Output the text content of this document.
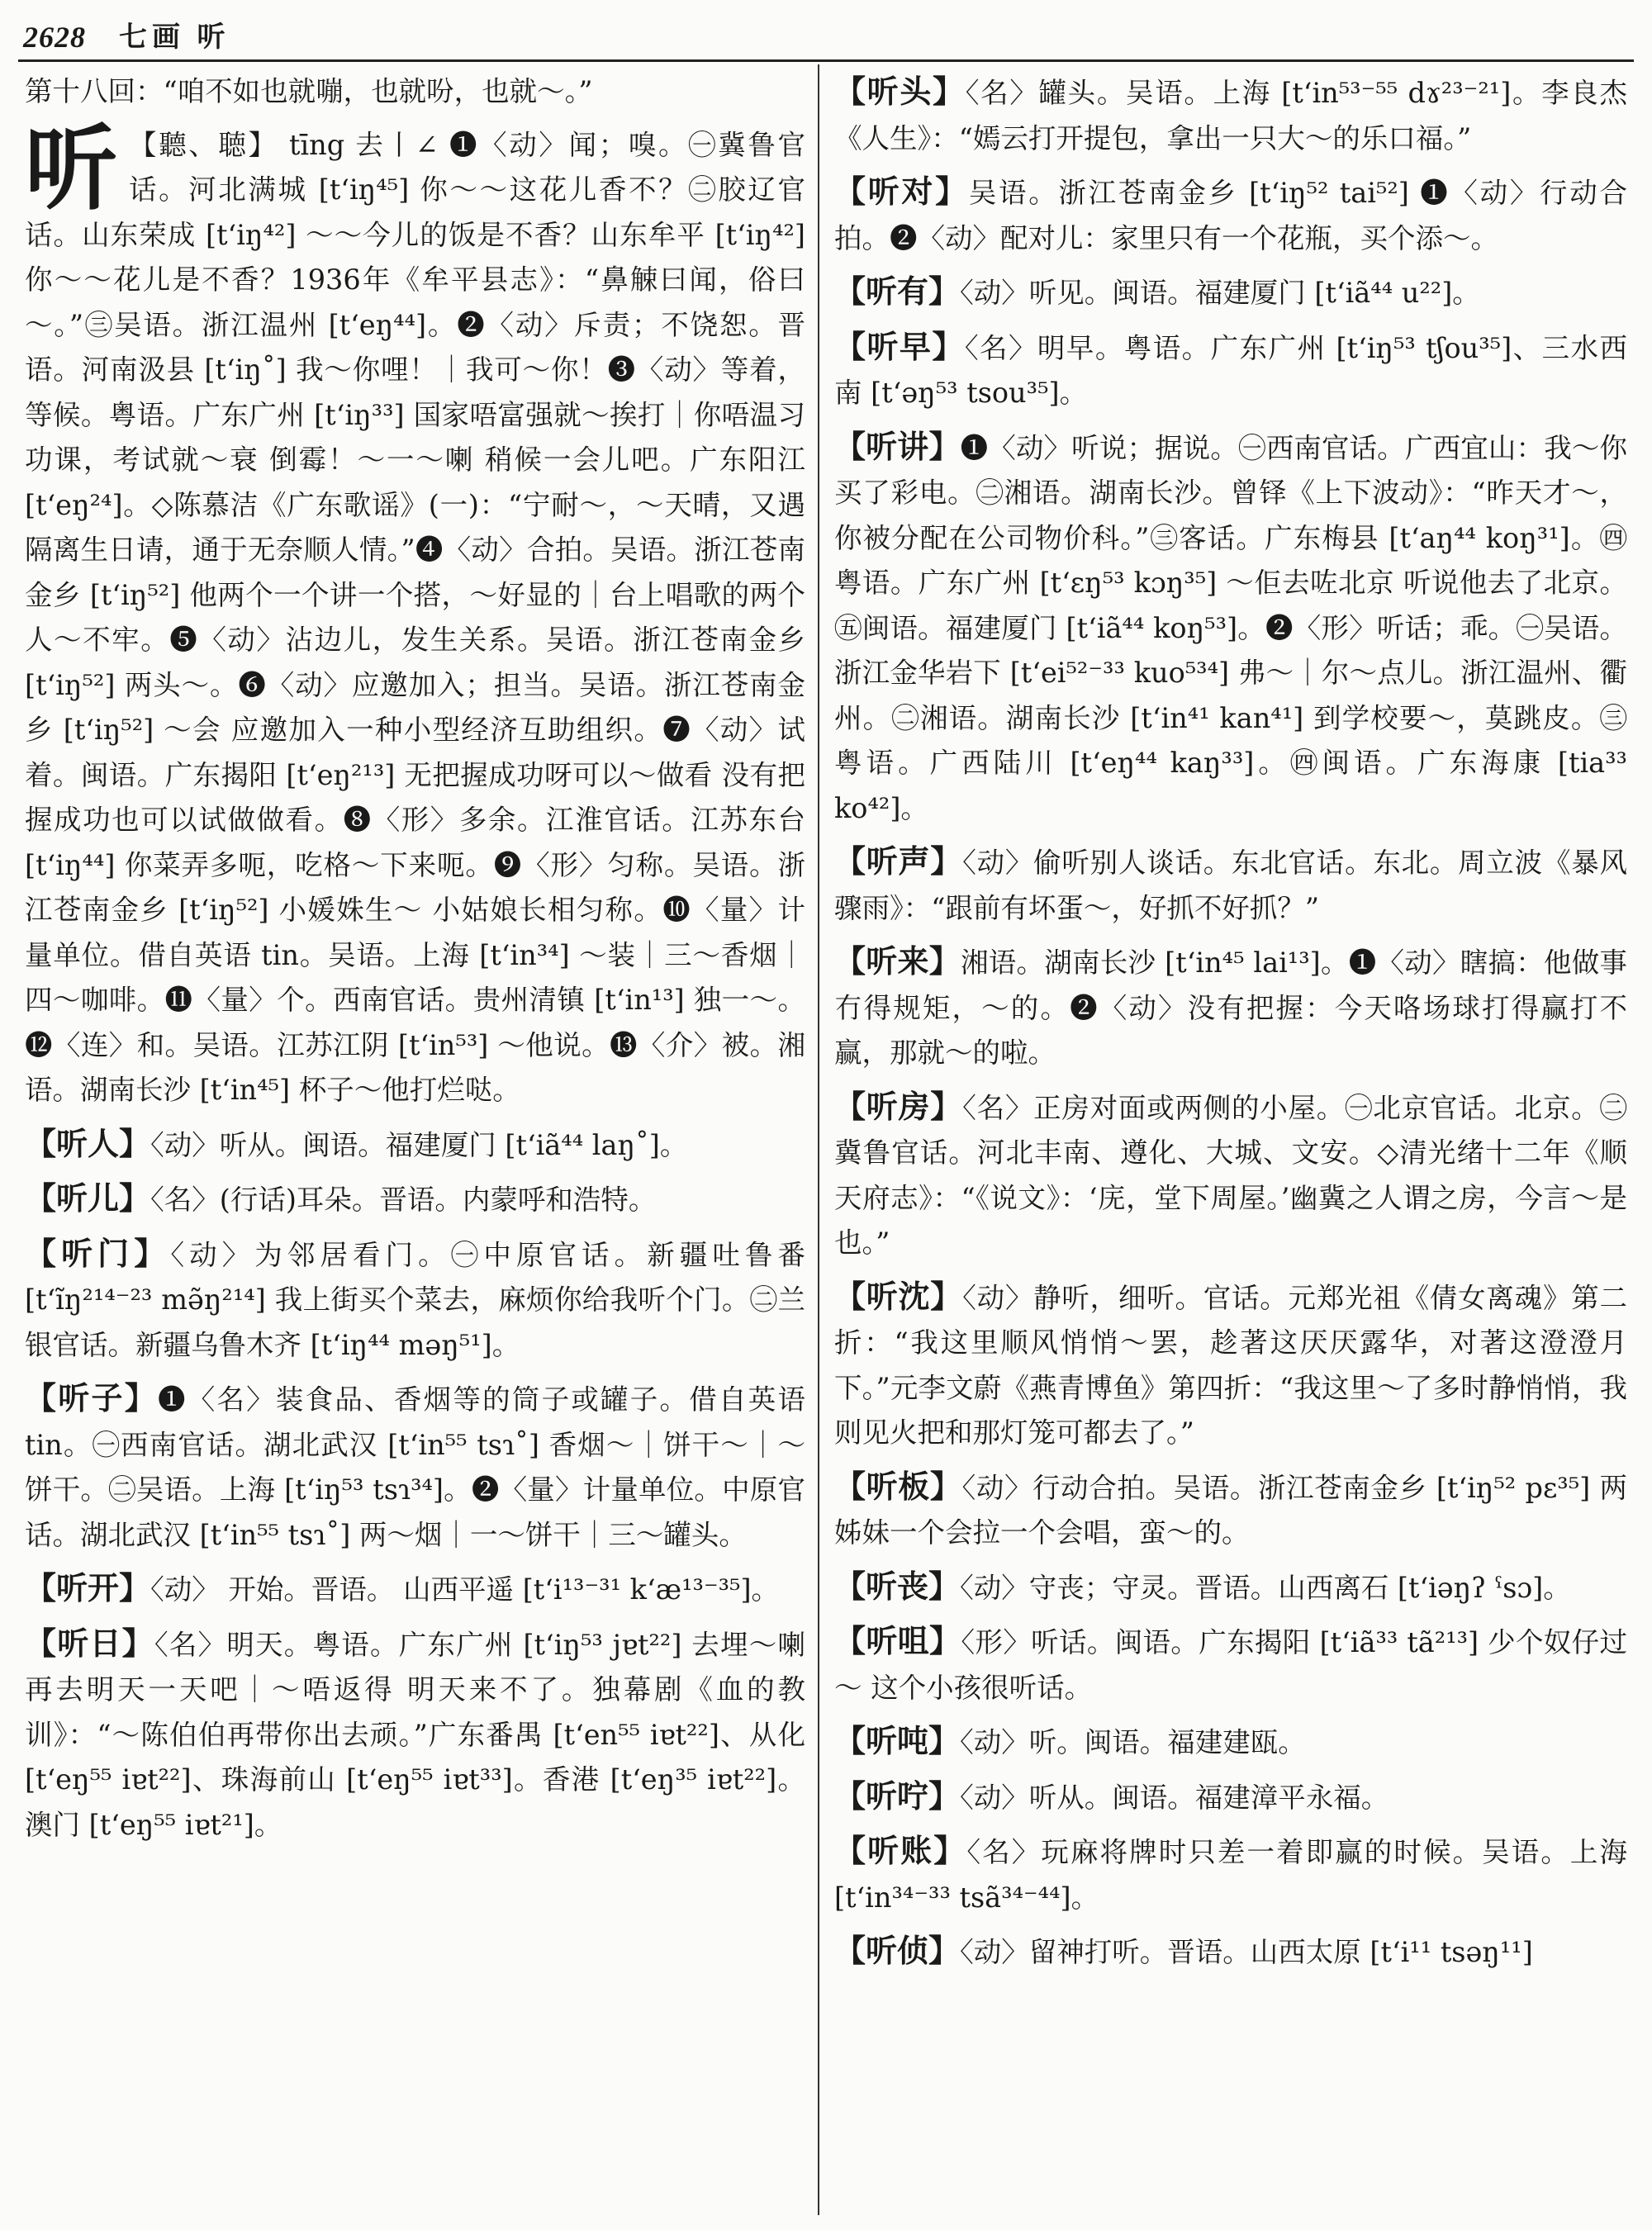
2628 七画 听
第十八回：“咱不如也就嘣，也就吩，也就～。”
听 【聽、聴】 tīng 去丨∠ ❶〈动〉闻；嗅。㊀冀鲁官话。河北满城 [tʻiŋ⁴⁵] 你～～这花儿香不？㊁胶辽官话。山东荣成 [tʻiŋ⁴²] ～～今儿的饭是不香？山东牟平 [tʻiŋ⁴²] 你～～花儿是不香？1936年《牟平县志》：“鼻觫曰闻，俗曰～。”㊂吴语。浙江温州 [tʻeŋ⁴⁴]。❷〈动〉斥责；不饶恕。晋语。河南汲县 [tʻiŋ˚] 我～你哩！｜我可～你！❸〈动〉等着，等候。粤语。广东广州 [tʻiŋ³³] 国家唔富强就～挨打｜你唔温习功课，考试就～衰 倒霉！～一～喇 稍候一会儿吧。广东阳江 [tʻeŋ²⁴]。◇陈慕洁《广东歌谣》(一)：“宁耐～，～天晴，又遇隔离生日请，通于无奈顺人情。”❹〈动〉合拍。吴语。浙江苍南金乡 [tʻiŋ⁵²] 他两个一个讲一个搭，～好显的｜台上唱歌的两个人～不牢。❺〈动〉沾边儿，发生关系。吴语。浙江苍南金乡 [tʻiŋ⁵²] 两头～。❻〈动〉应邀加入；担当。吴语。浙江苍南金乡 [tʻiŋ⁵²] ～会 应邀加入一种小型经济互助组织。❼〈动〉试着。闽语。广东揭阳 [tʻeŋ²¹³] 无把握成功呀可以～做看 没有把握成功也可以试做做看。❽〈形〉多余。江淮官话。江苏东台 [tʻiŋ⁴⁴] 你菜弄多呃，吃格～下来呃。❾〈形〉匀称。吴语。浙江苍南金乡 [tʻiŋ⁵²] 小媛姝生～ 小姑娘长相匀称。❿〈量〉计量单位。借自英语 tin。吴语。上海 [tʻin³⁴] ～装｜三～香烟｜四～咖啡。⓫〈量〉个。西南官话。贵州清镇 [tʻin¹³] 独一～。⓬〈连〉和。吴语。江苏江阴 [tʻin⁵³] ～他说。⓭〈介〉被。湘语。湖南长沙 [tʻin⁴⁵] 杯子～他打烂哒。
【听人】〈动〉听从。闽语。福建厦门 [tʻiã⁴⁴ laŋ˚]。
【听儿】〈名〉(行话)耳朵。晋语。内蒙呼和浩特。
【听门】〈动〉为邻居看门。㊀中原官话。新疆吐鲁番 [tʻĩŋ²¹⁴⁻²³ mə̃ŋ²¹⁴] 我上街买个菜去，麻烦你给我听个门。㊁兰银官话。新疆乌鲁木齐 [tʻiŋ⁴⁴ məŋ⁵¹]。
【听子】❶〈名〉装食品、香烟等的筒子或罐子。借自英语 tin。㊀西南官话。湖北武汉 [tʻin⁵⁵ tsɿ˚] 香烟～｜饼干～｜～饼干。㊁吴语。上海 [tʻiŋ⁵³ tsɿ³⁴]。❷〈量〉计量单位。中原官话。湖北武汉 [tʻin⁵⁵ tsɿ˚] 两～烟｜一～饼干｜三～罐头。
【听开】〈动〉 开始。晋语。 山西平遥 [tʻi¹³⁻³¹ kʻæ¹³⁻³⁵]。
【听日】〈名〉明天。粤语。广东广州 [tʻiŋ⁵³ jɐt²²] 去埋～喇 再去明天一天吧｜～唔返得 明天来不了。独幕剧《血的教训》：“～陈伯伯再带你出去顽。”广东番禺 [tʻen⁵⁵ iɐt²²]、从化 [tʻeŋ⁵⁵ iɐt²²]、珠海前山 [tʻeŋ⁵⁵ iɐt³³]。香港 [tʻeŋ³⁵ iɐt²²]。澳门 [tʻeŋ⁵⁵ iɐt²¹]。
【听头】〈名〉罐头。吴语。上海 [tʻin⁵³⁻⁵⁵ dɤ²³⁻²¹]。李良杰《人生》：“嫣云打开提包，拿出一只大～的乐口福。”
【听对】吴语。浙江苍南金乡 [tʻiŋ⁵² tai⁵²] ❶〈动〉行动合拍。❷〈动〉配对儿：家里只有一个花瓶，买个添～。
【听有】〈动〉听见。闽语。福建厦门 [tʻiã⁴⁴ u²²]。
【听早】〈名〉明早。粤语。广东广州 [tʻiŋ⁵³ tʃou³⁵]、三水西南 [tʻəŋ⁵³ tsou³⁵]。
【听讲】❶〈动〉听说；据说。㊀西南官话。广西宜山：我～你买了彩电。㊁湘语。湖南长沙。曾铎《上下波动》：“昨天才～，你被分配在公司物价科。”㊂客话。广东梅县 [tʻaŋ⁴⁴ koŋ³¹]。㊃粤语。广东广州 [tʻɛŋ⁵³ kɔŋ³⁵] ～佢去咗北京 听说他去了北京。㊄闽语。福建厦门 [tʻiã⁴⁴ koŋ⁵³]。❷〈形〉听话；乖。㊀吴语。浙江金华岩下 [tʻei⁵²⁻³³ kuo⁵³⁴] 弗～｜尔～点儿。浙江温州、衢州。㊁湘语。湖南长沙 [tʻin⁴¹ kan⁴¹] 到学校要～，莫跳皮。㊂粤语。广西陆川 [tʻeŋ⁴⁴ kaŋ³³]。㊃闽语。广东海康 [tia³³ ko⁴²]。
【听声】〈动〉偷听别人谈话。东北官话。东北。周立波《暴风骤雨》：“跟前有坏蛋～，好抓不好抓？”
【听来】湘语。湖南长沙 [tʻin⁴⁵ lai¹³]。❶〈动〉瞎搞：他做事冇得规矩，～的。❷〈动〉没有把握：今天咯场球打得赢打不赢，那就～的啦。
【听房】〈名〉正房对面或两侧的小屋。㊀北京官话。北京。㊁冀鲁官话。河北丰南、遵化、大城、文安。◇清光绪十二年《顺天府志》：“《说文》：‘庑，堂下周屋。’幽冀之人谓之房，今言～是也。”
【听沈】〈动〉静听，细听。官话。元郑光祖《倩女离魂》第二折：“我这里顺风悄悄～罢，趁著这厌厌露华，对著这澄澄月下。”元李文蔚《燕青博鱼》第四折：“我这里～了多时静悄悄，我则见火把和那灯笼可都去了。”
【听板】〈动〉行动合拍。吴语。浙江苍南金乡 [tʻiŋ⁵² pɛ³⁵] 两姊妹一个会拉一个会唱，蛮～的。
【听丧】〈动〉守丧；守灵。晋语。山西离石 [tʻiəŋʔ ˤsɔ]。
【听咀】〈形〉听话。闽语。广东揭阳 [tʻiã³³ tã²¹³] 少个奴仔过～ 这个小孩很听话。
【听吨】〈动〉听。闽语。福建建瓯。
【听咛】〈动〉听从。闽语。福建漳平永福。
【听账】〈名〉玩麻将牌时只差一着即赢的时候。吴语。上海 [tʻin³⁴⁻³³ tsã³⁴⁻⁴⁴]。
【听侦】〈动〉留神打听。晋语。山西太原 [tʻi¹¹ tsəŋ¹¹]
